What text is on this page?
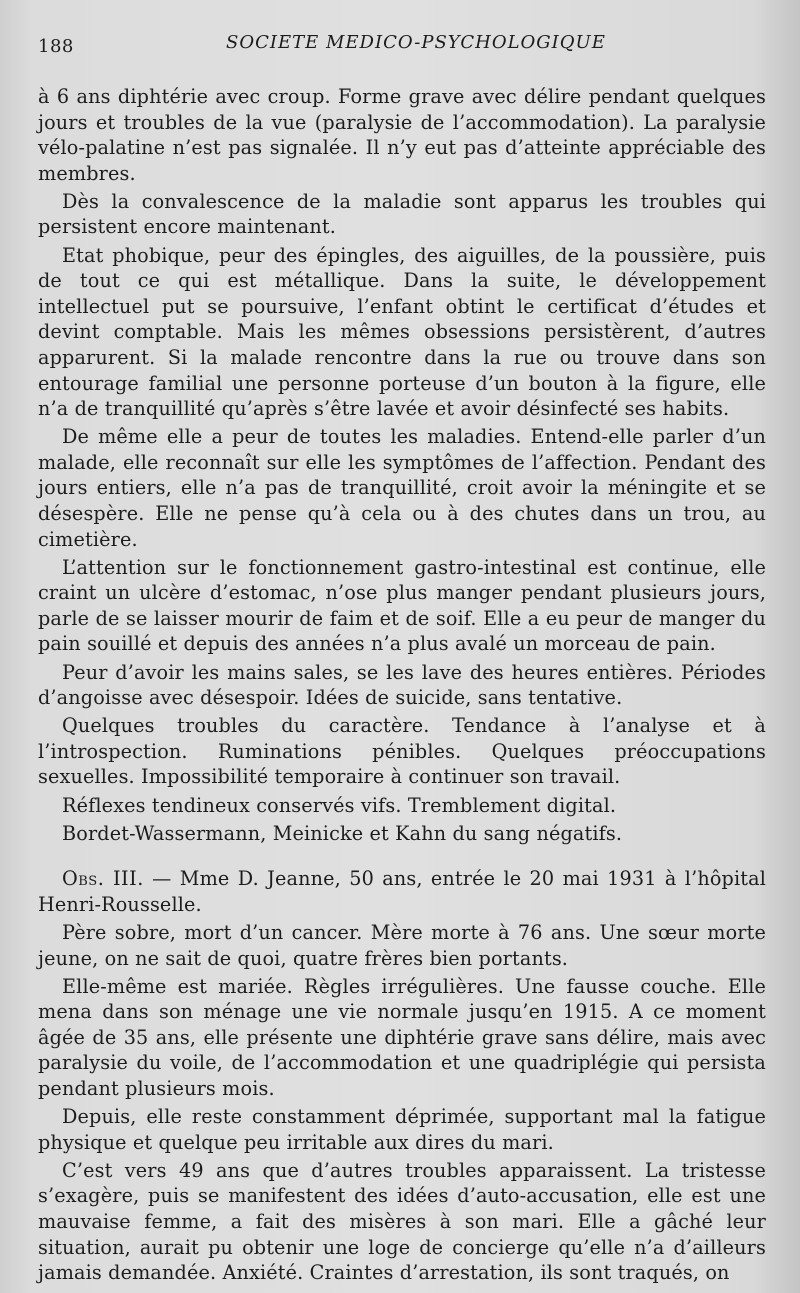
188	SOCIETE MEDICO-PSYCHOLOGIQUE

à 6 ans diphtérie avec croup. Forme grave avec délire pendant quelques jours et troubles de la vue (paralysie de l’accommodation). La paralysie vélo-palatine n’est pas signalée. Il n’y eut pas d’atteinte appréciable des membres.

Dès la convalescence de la maladie sont apparus les troubles qui persistent encore maintenant.

Etat phobique, peur des épingles, des aiguilles, de la poussière, puis de tout ce qui est métallique. Dans la suite, le développement intellectuel put se poursuive, l’enfant obtint le certificat d’études et devint comptable. Mais les mêmes obsessions persistèrent, d’autres apparurent. Si la malade rencontre dans la rue ou trouve dans son entourage familial une personne porteuse d’un bouton à la figure, elle n’a de tranquillité qu’après s’être lavée et avoir désinfecté ses habits.

De même elle a peur de toutes les maladies. Entend-elle parler d’un malade, elle reconnaît sur elle les symptômes de l’affection. Pendant des jours entiers, elle n’a pas de tranquillité, croit avoir la méningite et se désespère. Elle ne pense qu’à cela ou à des chutes dans un trou, au cimetière.

L’attention sur le fonctionnement gastro-intestinal est continue, elle craint un ulcère d’estomac, n’ose plus manger pendant plusieurs jours, parle de se laisser mourir de faim et de soif. Elle a eu peur de manger du pain souillé et depuis des années n’a plus avalé un morceau de pain.

Peur d’avoir les mains sales, se les lave des heures entières. Périodes d’angoisse avec désespoir. Idées de suicide, sans tentative.

Quelques troubles du caractère. Tendance à l’analyse et à l’introspection. Ruminations pénibles. Quelques préoccupations sexuelles. Impossibilité temporaire à continuer son travail.

Réflexes tendineux conservés vifs. Tremblement digital.

Bordet-Wassermann, Meinicke et Kahn du sang négatifs.

Obs. III. — Mme D. Jeanne, 50 ans, entrée le 20 mai 1931 à l’hôpital Henri-Rousselle.

Père sobre, mort d’un cancer. Mère morte à 76 ans. Une sœur morte jeune, on ne sait de quoi, quatre frères bien portants.

Elle-même est mariée. Règles irrégulières. Une fausse couche. Elle mena dans son ménage une vie normale jusqu’en 1915. A ce moment âgée de 35 ans, elle présente une diphtérie grave sans délire, mais avec paralysie du voile, de l’accommodation et une quadriplégie qui persista pendant plusieurs mois.

Depuis, elle reste constamment déprimée, supportant mal la fatigue physique et quelque peu irritable aux dires du mari.

C’est vers 49 ans que d’autres troubles apparaissent. La tristesse s’exagère, puis se manifestent des idées d’auto-accusation, elle est une mauvaise femme, a fait des misères à son mari. Elle a gâché leur situation, aurait pu obtenir une loge de concierge qu’elle n’a d’ailleurs jamais demandée. Anxiété. Craintes d’arrestation, ils sont traqués, on
